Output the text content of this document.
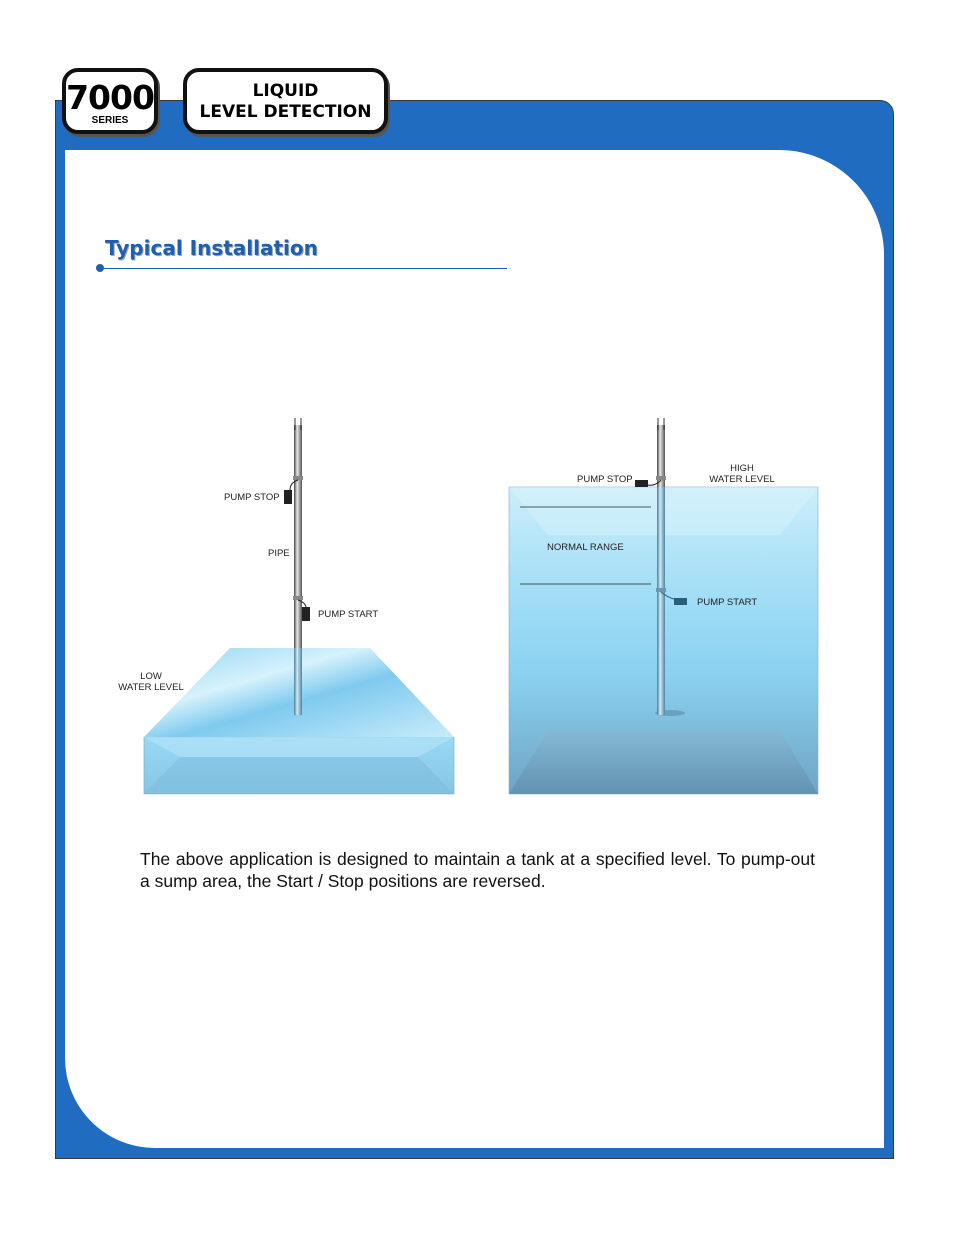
7000
SERIES
LIQUID
LEVEL DETECTION
Typical Installation
PUMP STOP
PIPE
PUMP START
LOW
WATER LEVEL
PUMP STOP
HIGH
WATER LEVEL
NORMAL RANGE
PUMP START

The above application is designed to maintain a tank at a specified level. To pump-out a sump area, the Start / Stop positions are reversed.
